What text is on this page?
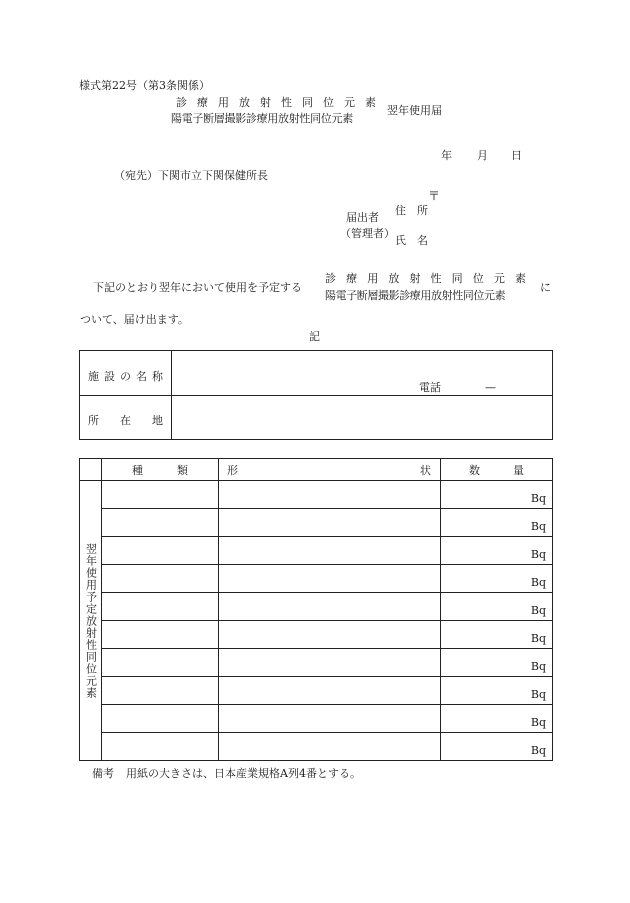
様式第22号（第3条関係）
診 療 用 放 射 性 同 位 元 素
陽電子断層撮影診療用放射性同位元素
翌年使用届
年 月 日
（宛先）下関市立下関保健所長
〒
住　所
届出者
（管理者）
氏　名
下記のとおり翌年において使用を予定する
診 療 用 放 射 性 同 位 元 素
陽電子断層撮影診療用放射性同位元素
に
ついて、届け出ます。
記
施 設 の 名 称	電話 —

所 在 地	

	種 類	形 状	数 量

翌年使用予定放射性同位元素			Bq
			Bq
			Bq
			Bq
			Bq
			Bq
			Bq
			Bq
			Bq
			Bq
備考 用紙の大きさは、日本産業規格A列4番とする。
